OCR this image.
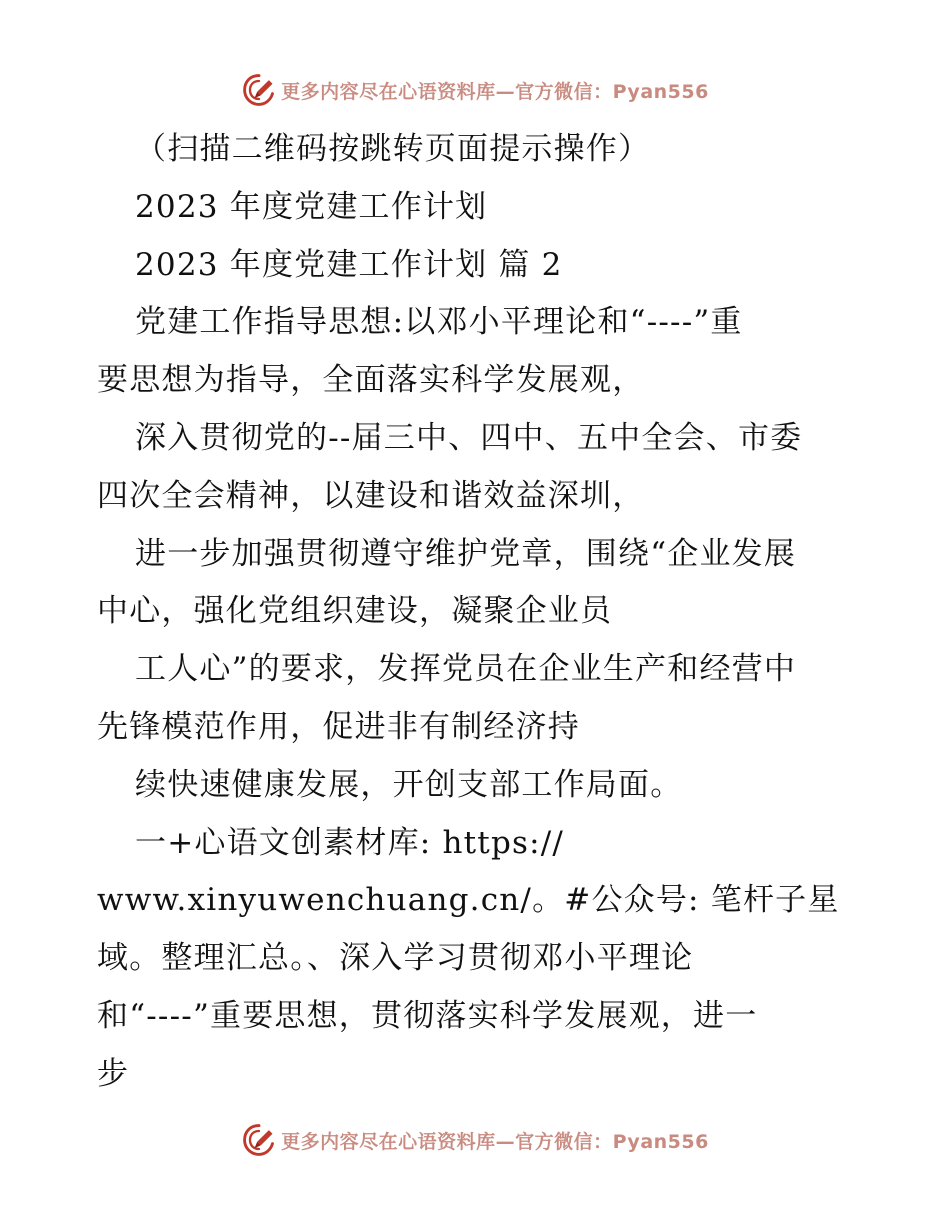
更多内容尽在心语资料库—官方微信：Pyan556
（扫描二维码按跳转页面提示操作）
2023 年度党建工作计划
2023 年度党建工作计划 篇 2
党建工作指导思想:以邓小平理论和“----”重
要思想为指导，全面落实科学发展观，
深入贯彻党的--届三中、四中、五中全会、市委
四次全会精神，以建设和谐效益深圳，
进一步加强贯彻遵守维护党章，围绕“企业发展
中心，强化党组织建设，凝聚企业员
工人心”的要求，发挥党员在企业生产和经营中
先锋模范作用，促进非有制经济持
续快速健康发展，开创支部工作局面。
一+心语文创素材库: https://
www.xinyuwenchuang.cn/。#公众号: 笔杆子星
域。整理汇总。、深入学习贯彻邓小平理论
和“----”重要思想，贯彻落实科学发展观，进一
步
更多内容尽在心语资料库—官方微信：Pyan556
